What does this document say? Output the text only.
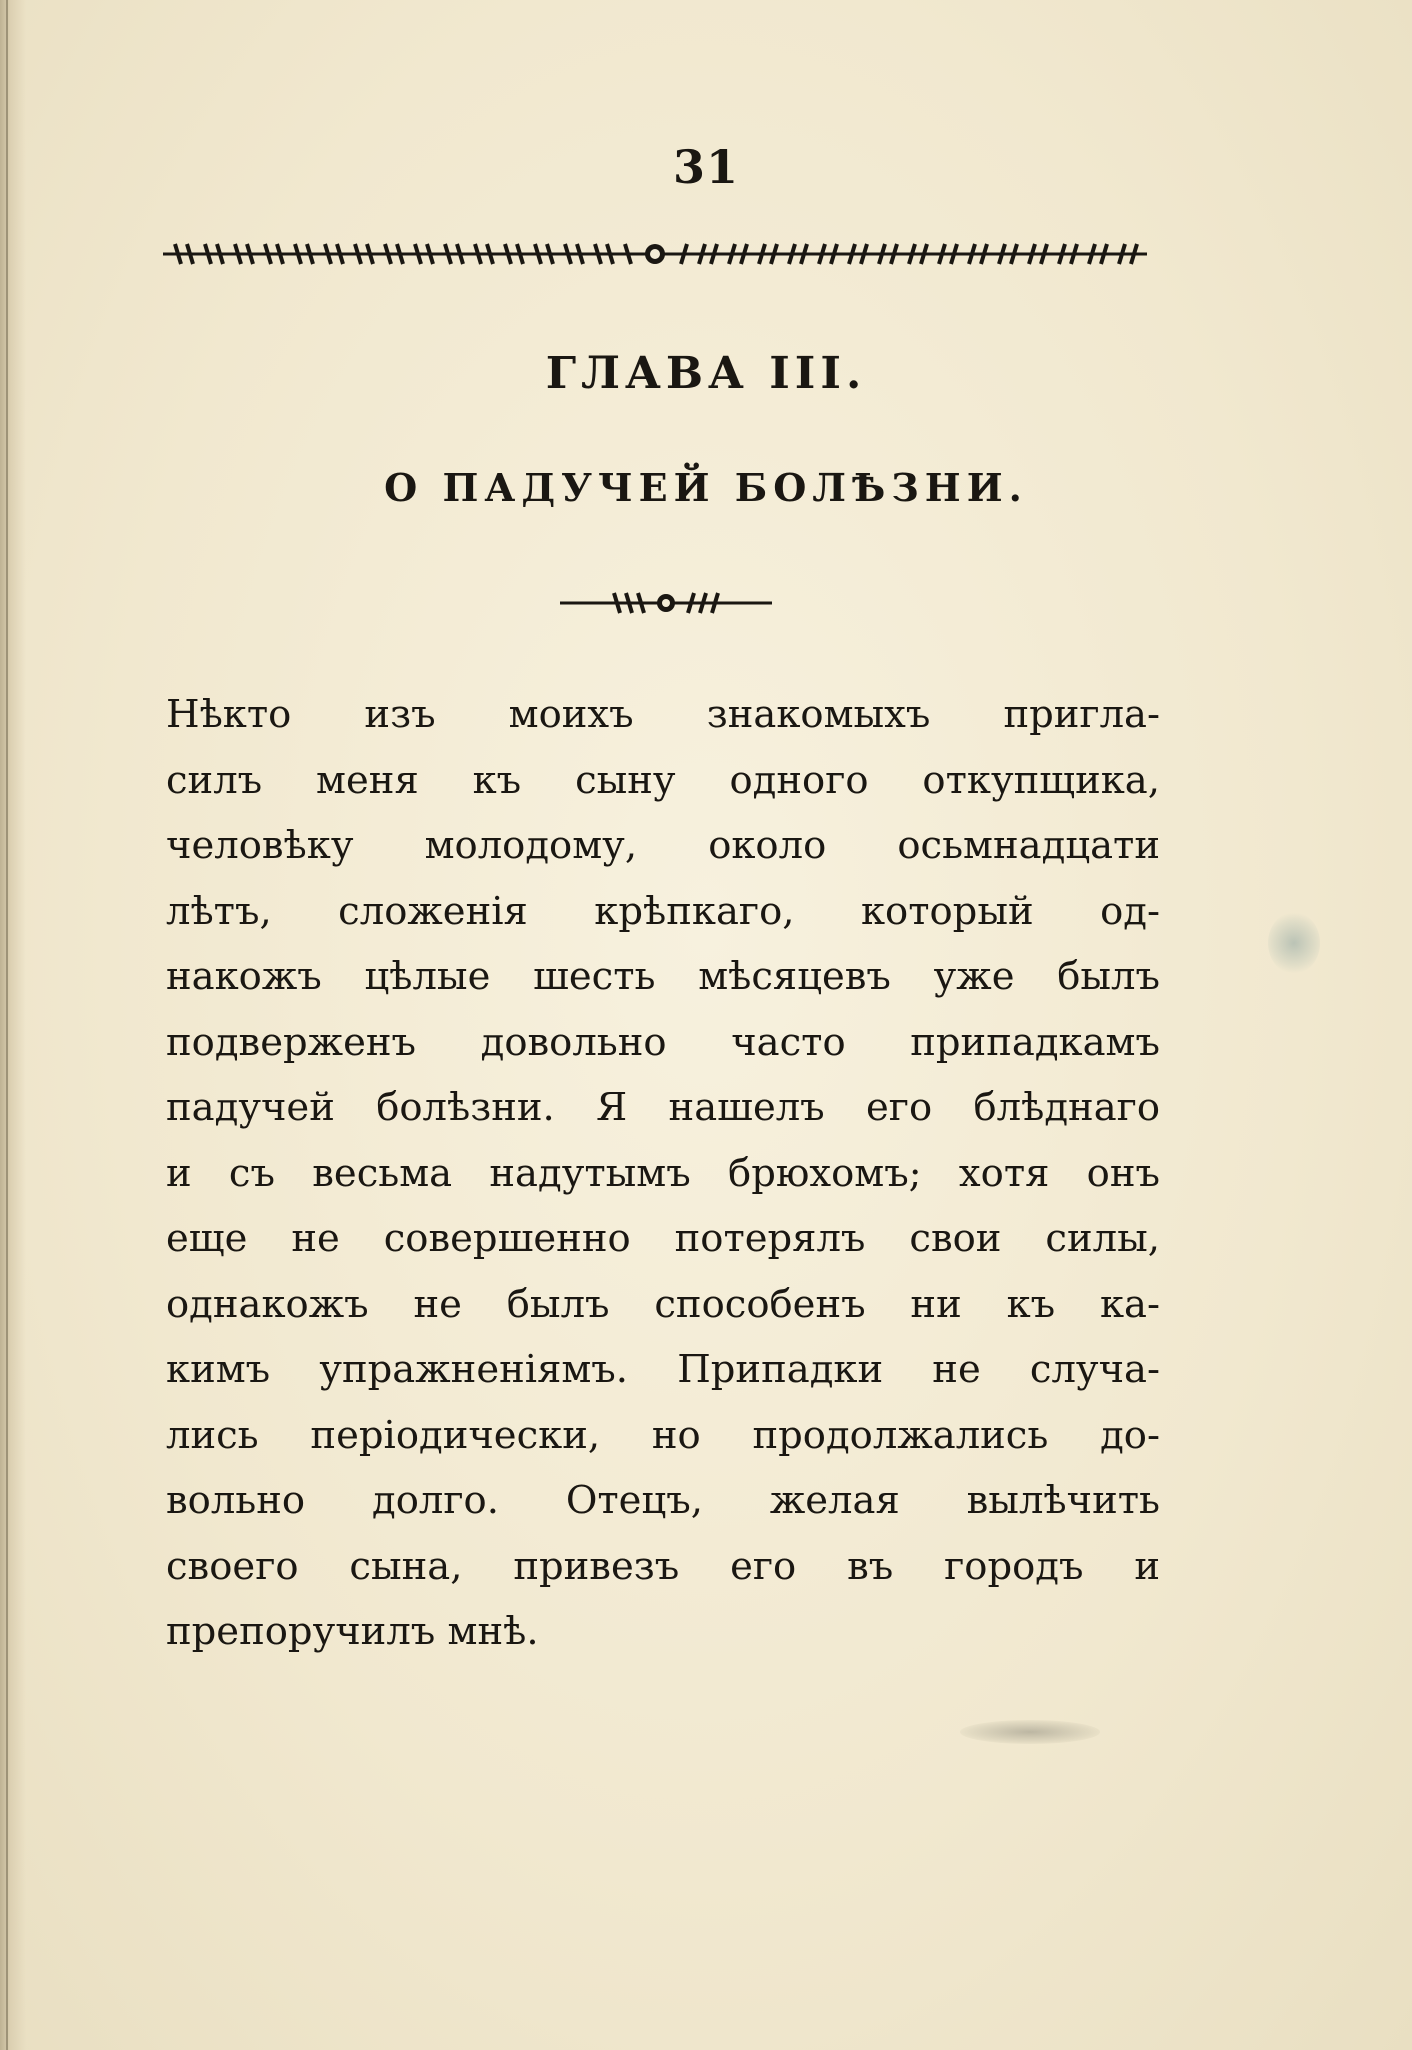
31
ГЛАВА III.
О ПАДУЧЕЙ БОЛѢЗНИ.
Нѣкто изъ моихъ знакомыхъ пригла-
силъ меня къ сыну одного откупщика,
человѣку молодому, около осьмнадцати
лѣтъ, сложенія крѣпкаго, который од-
накожъ цѣлые шесть мѣсяцевъ уже былъ
подверженъ довольно часто припадкамъ
падучей болѣзни. Я нашелъ его блѣднаго
и съ весьма надутымъ брюхомъ; хотя онъ
еще не совершенно потерялъ свои силы,
однакожъ не былъ способенъ ни къ ка-
кимъ упражненіямъ. Припадки не случа-
лись періодически, но продолжались до-
вольно долго. Отецъ, желая вылѣчить
своего сына, привезъ его въ городъ и
препоручилъ мнѣ.
